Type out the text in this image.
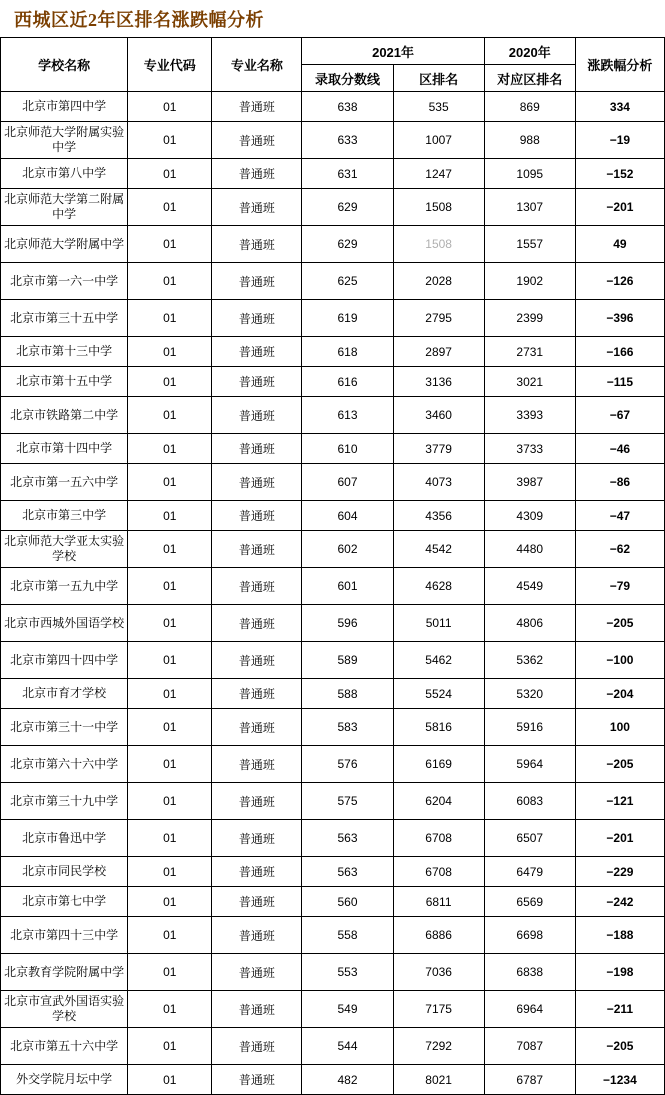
西城区近2年区排名涨跌幅分析
学校名称	专业代码	专业名称	2021年		2020年	涨跌幅分析
			录取分数线	区排名	对应区排名	
北京市第四中学	01	普通班	638	535	869	334
北京师范大学附属实验中学	01	普通班	633	1007	988	−19
北京市第八中学	01	普通班	631	1247	1095	−152
北京师范大学第二附属中学	01	普通班	629	1508	1307	−201
北京师范大学附属中学	01	普通班	629	1508	1557	49
北京市第一六一中学	01	普通班	625	2028	1902	−126
北京市第三十五中学	01	普通班	619	2795	2399	−396
北京市第十三中学	01	普通班	618	2897	2731	−166
北京市第十五中学	01	普通班	616	3136	3021	−115
北京市铁路第二中学	01	普通班	613	3460	3393	−67
北京市第十四中学	01	普通班	610	3779	3733	−46
北京市第一五六中学	01	普通班	607	4073	3987	−86
北京市第三中学	01	普通班	604	4356	4309	−47
北京师范大学亚太实验学校	01	普通班	602	4542	4480	−62
北京市第一五九中学	01	普通班	601	4628	4549	−79
北京市西城外国语学校	01	普通班	596	5011	4806	−205
北京市第四十四中学	01	普通班	589	5462	5362	−100
北京市育才学校	01	普通班	588	5524	5320	−204
北京市第三十一中学	01	普通班	583	5816	5916	100
北京市第六十六中学	01	普通班	576	6169	5964	−205
北京市第三十九中学	01	普通班	575	6204	6083	−121
北京市鲁迅中学	01	普通班	563	6708	6507	−201
北京市同民学校	01	普通班	563	6708	6479	−229
北京市第七中学	01	普通班	560	6811	6569	−242
北京市第四十三中学	01	普通班	558	6886	6698	−188
北京教育学院附属中学	01	普通班	553	7036	6838	−198
北京市宣武外国语实验学校	01	普通班	549	7175	6964	−211
北京市第五十六中学	01	普通班	544	7292	7087	−205
外交学院月坛中学	01	普通班	482	8021	6787	−1234
